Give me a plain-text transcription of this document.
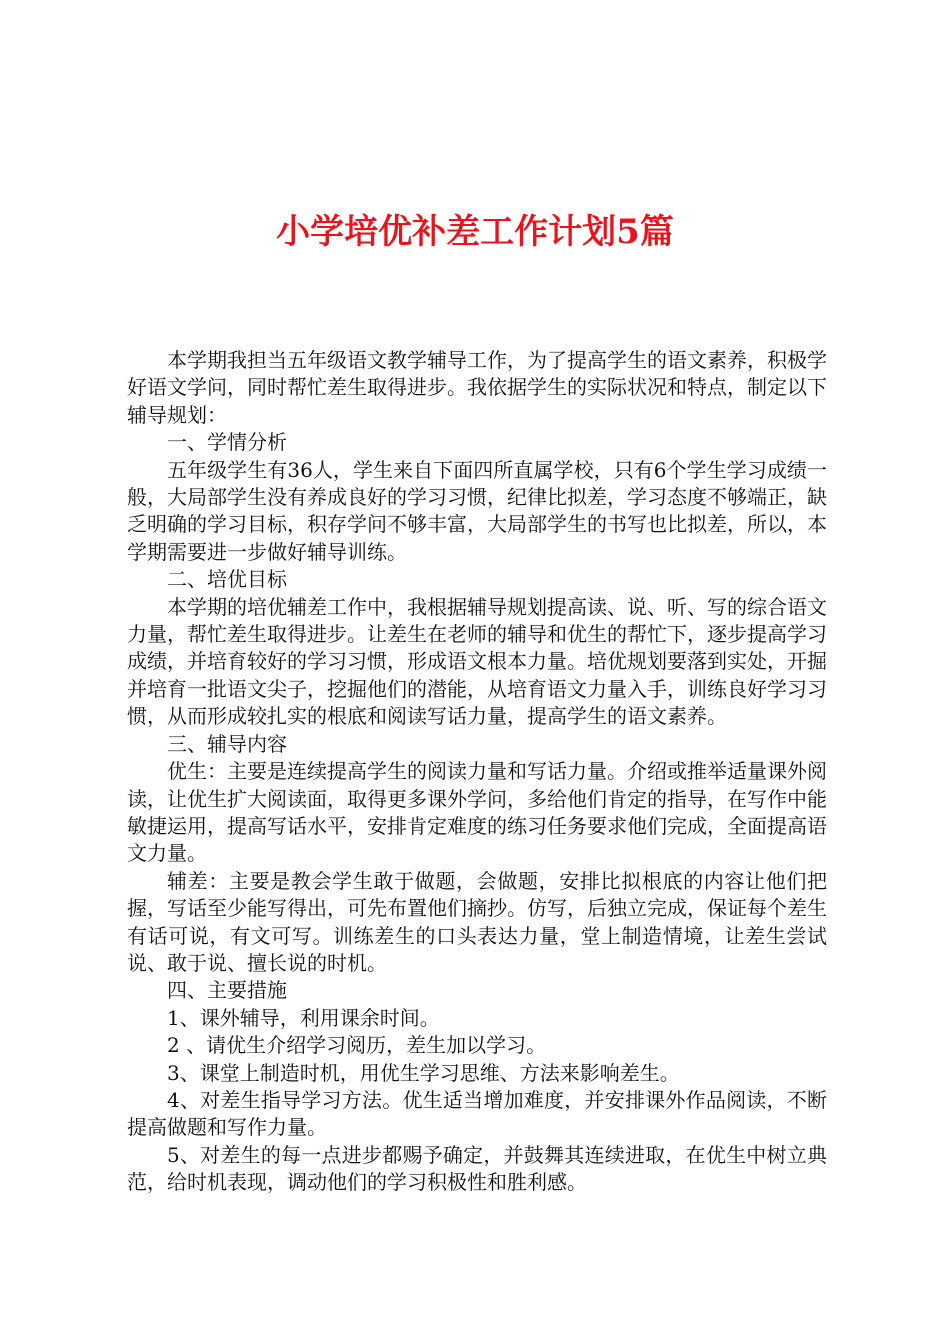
小学培优补差工作计划5篇

本学期我担当五年级语文教学辅导工作，为了提高学生的语文素养，积极学好语文学问，同时帮忙差生取得进步。我依据学生的实际状况和特点，制定以下辅导规划：

一、学情分析

五年级学生有36人，学生来自下面四所直属学校，只有6个学生学习成绩一般，大局部学生没有养成良好的学习习惯，纪律比拟差，学习态度不够端正，缺乏明确的学习目标，积存学问不够丰富，大局部学生的书写也比拟差，所以，本学期需要进一步做好辅导训练。

二、培优目标

本学期的培优辅差工作中，我根据辅导规划提高读、说、听、写的综合语文力量，帮忙差生取得进步。让差生在老师的辅导和优生的帮忙下，逐步提高学习成绩，并培育较好的学习习惯，形成语文根本力量。培优规划要落到实处，开掘并培育一批语文尖子，挖掘他们的潜能，从培育语文力量入手，训练良好学习习惯，从而形成较扎实的根底和阅读写话力量，提高学生的语文素养。

三、辅导内容

优生：主要是连续提高学生的阅读力量和写话力量。介绍或推举适量课外阅读，让优生扩大阅读面，取得更多课外学问，多给他们肯定的指导，在写作中能敏捷运用，提高写话水平，安排肯定难度的练习任务要求他们完成，全面提高语文力量。

辅差：主要是教会学生敢于做题，会做题，安排比拟根底的内容让他们把握，写话至少能写得出，可先布置他们摘抄。仿写，后独立完成，保证每个差生有话可说，有文可写。训练差生的口头表达力量，堂上制造情境，让差生尝试说、敢于说、擅长说的时机。

四、主要措施

1、课外辅导，利用课余时间。

2 、请优生介绍学习阅历，差生加以学习。

3、课堂上制造时机，用优生学习思维、方法来影响差生。

4、对差生指导学习方法。优生适当增加难度，并安排课外作品阅读，不断提高做题和写作力量。

5、对差生的每一点进步都赐予确定，并鼓舞其连续进取，在优生中树立典范，给时机表现，调动他们的学习积极性和胜利感。
